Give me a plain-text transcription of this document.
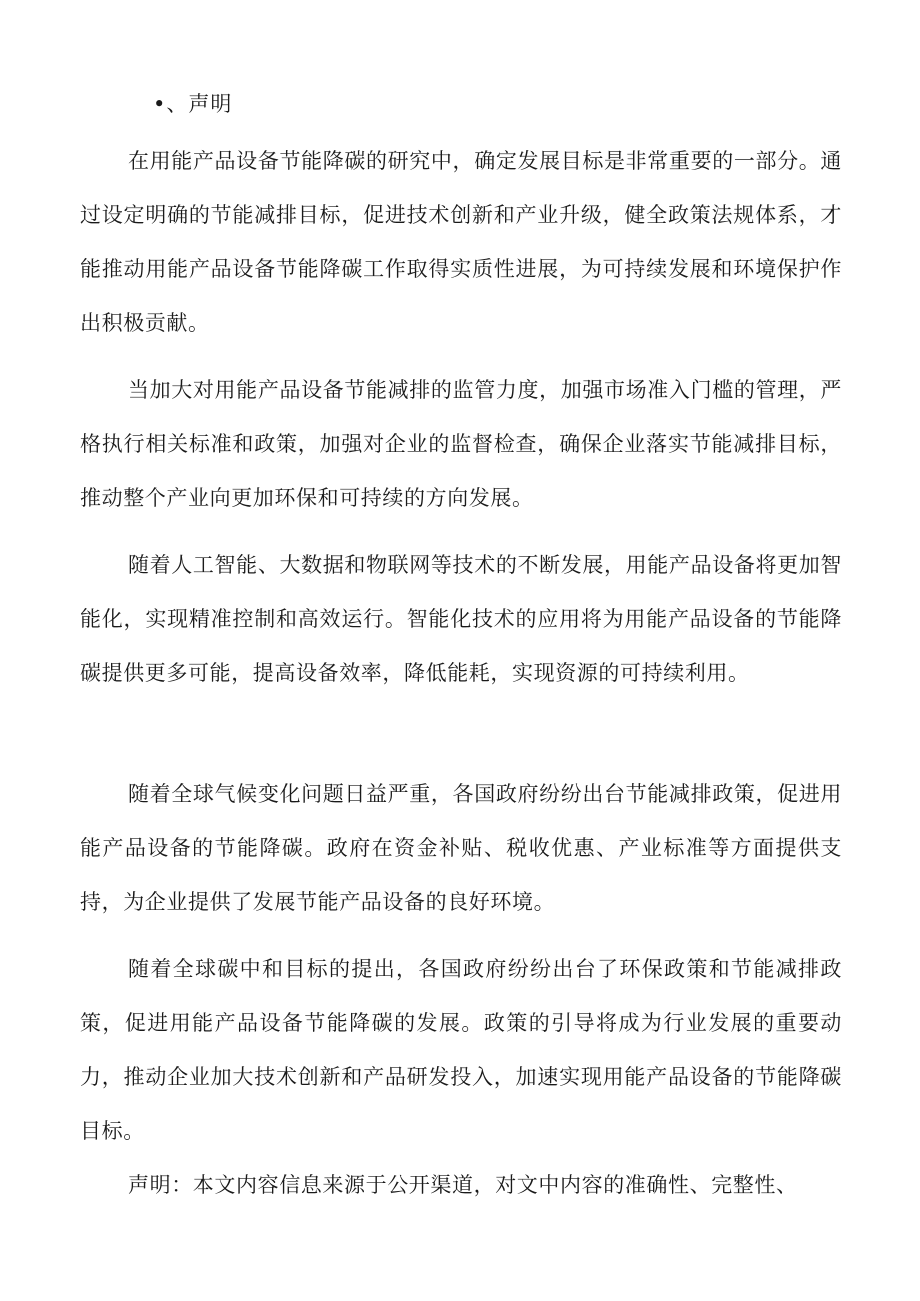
•、声明

在用能产品设备节能降碳的研究中，确定发展目标是非常重要的一部分。通过设定明确的节能减排目标，促进技术创新和产业升级，健全政策法规体系，才能推动用能产品设备节能降碳工作取得实质性进展，为可持续发展和环境保护作出积极贡献。

当加大对用能产品设备节能减排的监管力度，加强市场准入门槛的管理，严格执行相关标准和政策，加强对企业的监督检查，确保企业落实节能减排目标，推动整个产业向更加环保和可持续的方向发展。

随着人工智能、大数据和物联网等技术的不断发展，用能产品设备将更加智能化，实现精准控制和高效运行。智能化技术的应用将为用能产品设备的节能降碳提供更多可能，提高设备效率，降低能耗，实现资源的可持续利用。

随着全球气候变化问题日益严重，各国政府纷纷出台节能减排政策，促进用能产品设备的节能降碳。政府在资金补贴、税收优惠、产业标准等方面提供支持，为企业提供了发展节能产品设备的良好环境。

随着全球碳中和目标的提出，各国政府纷纷出台了环保政策和节能减排政策，促进用能产品设备节能降碳的发展。政策的引导将成为行业发展的重要动力，推动企业加大技术创新和产品研发投入，加速实现用能产品设备的节能降碳目标。

声明：本文内容信息来源于公开渠道，对文中内容的准确性、完整性、
